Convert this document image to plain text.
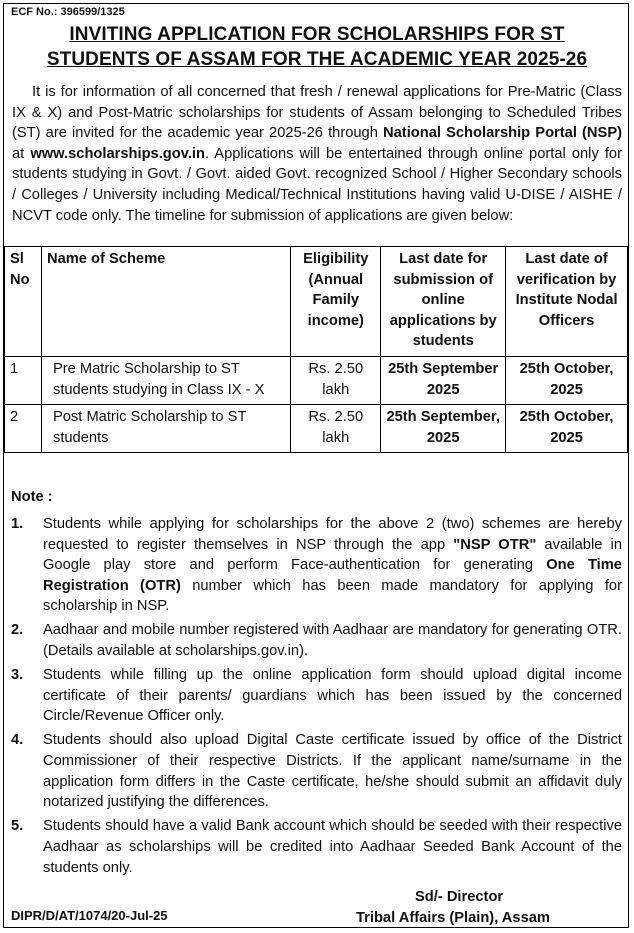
ECF No.: 396599/1325
INVITING APPLICATION FOR SCHOLARSHIPS FOR ST
STUDENTS OF ASSAM FOR THE ACADEMIC YEAR 2025-26
It is for information of all concerned that fresh / renewal applications for Pre-Matric (Class IX & X) and Post-Matric scholarships for students of Assam belonging to Scheduled Tribes (ST) are invited for the academic year 2025-26 through National Scholarship Portal (NSP) at www.scholarships.gov.in. Applications will be entertained through online portal only for students studying in Govt. / Govt. aided Govt. recognized School / Higher Secondary schools / Colleges / University including Medical/Technical Institutions having valid U-DISE / AISHE / NCVT code only. The timeline for submission of applications are given below:
Sl No	Name of Scheme	Eligibility (Annual Family income)	Last date for submission of online applications by students	Last date of verification by Institute Nodal Officers
1	Pre Matric Scholarship to ST students studying in Class IX - X	Rs. 2.50 lakh	25th September 2025	25th October, 2025
2	Post Matric Scholarship to ST students	Rs. 2.50 lakh	25th September, 2025	25th October, 2025
Note :
1.	Students while applying for scholarships for the above 2 (two) schemes are hereby requested to register themselves in NSP through the app "NSP OTR" available in Google play store and perform Face-authentication for generating One Time Registration (OTR) number which has been made mandatory for applying for scholarship in NSP.
2.	Aadhaar and mobile number registered with Aadhaar are mandatory for generating OTR. (Details available at scholarships.gov.in).
3.	Students while filling up the online application form should upload digital income certificate of their parents/ guardians which has been issued by the concerned Circle/Revenue Officer only.
4.	Students should also upload Digital Caste certificate issued by office of the District Commissioner of their respective Districts. If the applicant name/surname in the application form differs in the Caste certificate, he/she should submit an affidavit duly notarized justifying the differences.
5.	Students should have a valid Bank account which should be seeded with their respective Aadhaar as scholarships will be credited into Aadhaar Seeded Bank Account of the students only.
Sd/- Director
Tribal Affairs (Plain), Assam
DIPR/D/AT/1074/20-Jul-25
